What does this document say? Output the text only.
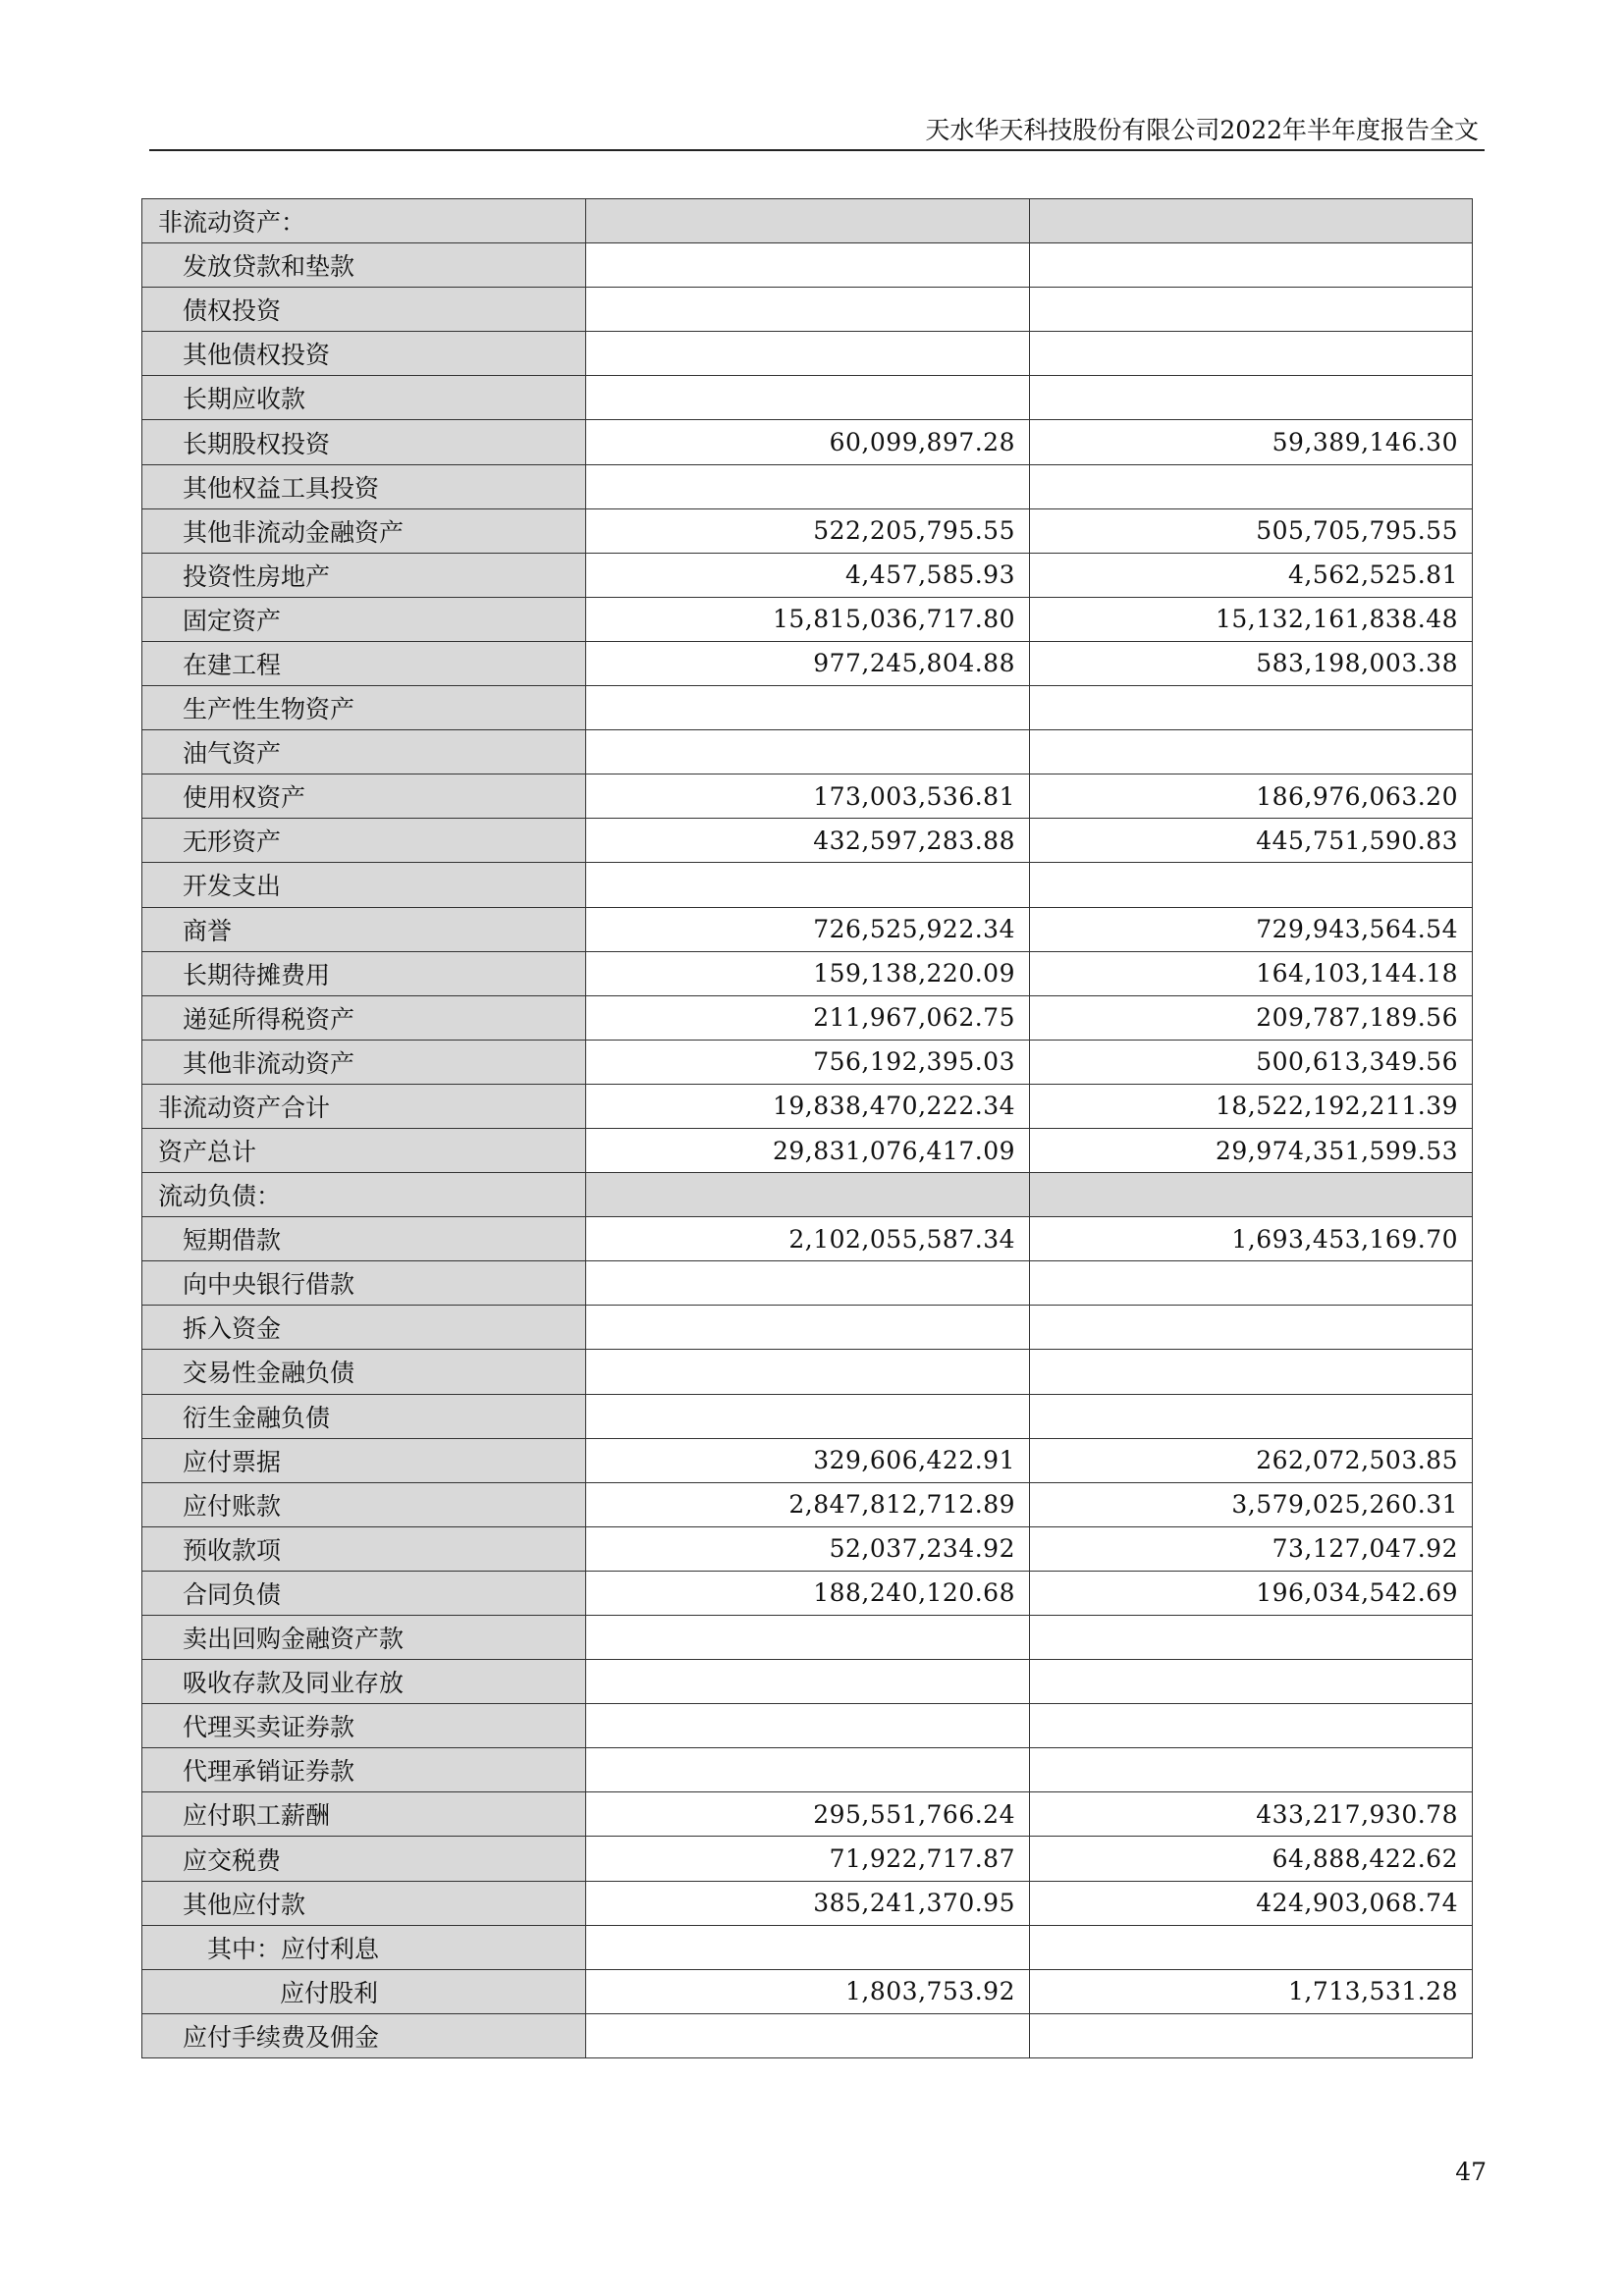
天水华天科技股份有限公司2022年半年度报告全文
非流动资产：		
发放贷款和垫款		
债权投资		
其他债权投资		
长期应收款		
长期股权投资	60,099,897.28	59,389,146.30
其他权益工具投资		
其他非流动金融资产	522,205,795.55	505,705,795.55
投资性房地产	4,457,585.93	4,562,525.81
固定资产	15,815,036,717.80	15,132,161,838.48
在建工程	977,245,804.88	583,198,003.38
生产性生物资产		
油气资产		
使用权资产	173,003,536.81	186,976,063.20
无形资产	432,597,283.88	445,751,590.83
开发支出		
商誉	726,525,922.34	729,943,564.54
长期待摊费用	159,138,220.09	164,103,144.18
递延所得税资产	211,967,062.75	209,787,189.56
其他非流动资产	756,192,395.03	500,613,349.56
非流动资产合计	19,838,470,222.34	18,522,192,211.39
资产总计	29,831,076,417.09	29,974,351,599.53
流动负债：		
短期借款	2,102,055,587.34	1,693,453,169.70
向中央银行借款		
拆入资金		
交易性金融负债		
衍生金融负债		
应付票据	329,606,422.91	262,072,503.85
应付账款	2,847,812,712.89	3,579,025,260.31
预收款项	52,037,234.92	73,127,047.92
合同负债	188,240,120.68	196,034,542.69
卖出回购金融资产款		
吸收存款及同业存放		
代理买卖证券款		
代理承销证券款		
应付职工薪酬	295,551,766.24	433,217,930.78
应交税费	71,922,717.87	64,888,422.62
其他应付款	385,241,370.95	424,903,068.74
其中：应付利息		
应付股利	1,803,753.92	1,713,531.28
应付手续费及佣金		
47
